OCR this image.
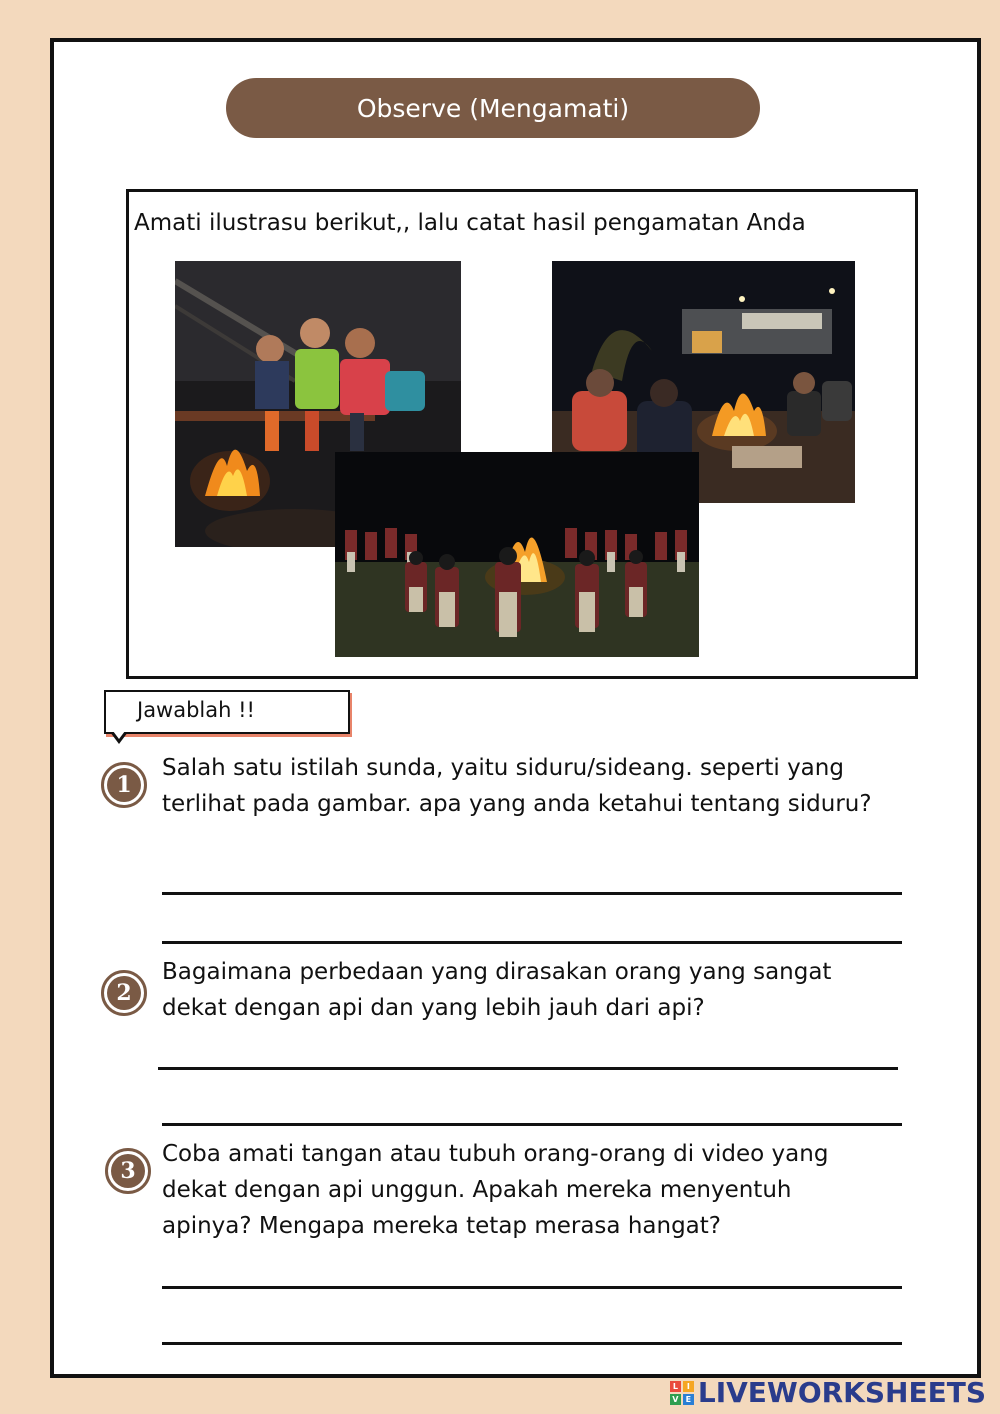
Observe (Mengamati)
Amati ilustrasu berikut,, lalu catat hasil pengamatan Anda
Jawablah !!
1
Salah satu istilah sunda, yaitu siduru/sideang. seperti yang terlihat pada gambar. apa yang anda ketahui tentang siduru?
2
Bagaimana perbedaan yang dirasakan orang yang sangat dekat dengan api dan yang lebih jauh dari api?
3
Coba amati tangan atau tubuh orang-orang di video yang dekat dengan api unggun. Apakah mereka menyentuh apinya? Mengapa mereka tetap merasa hangat?
L	I
V E LIVEWORKSHEETS
